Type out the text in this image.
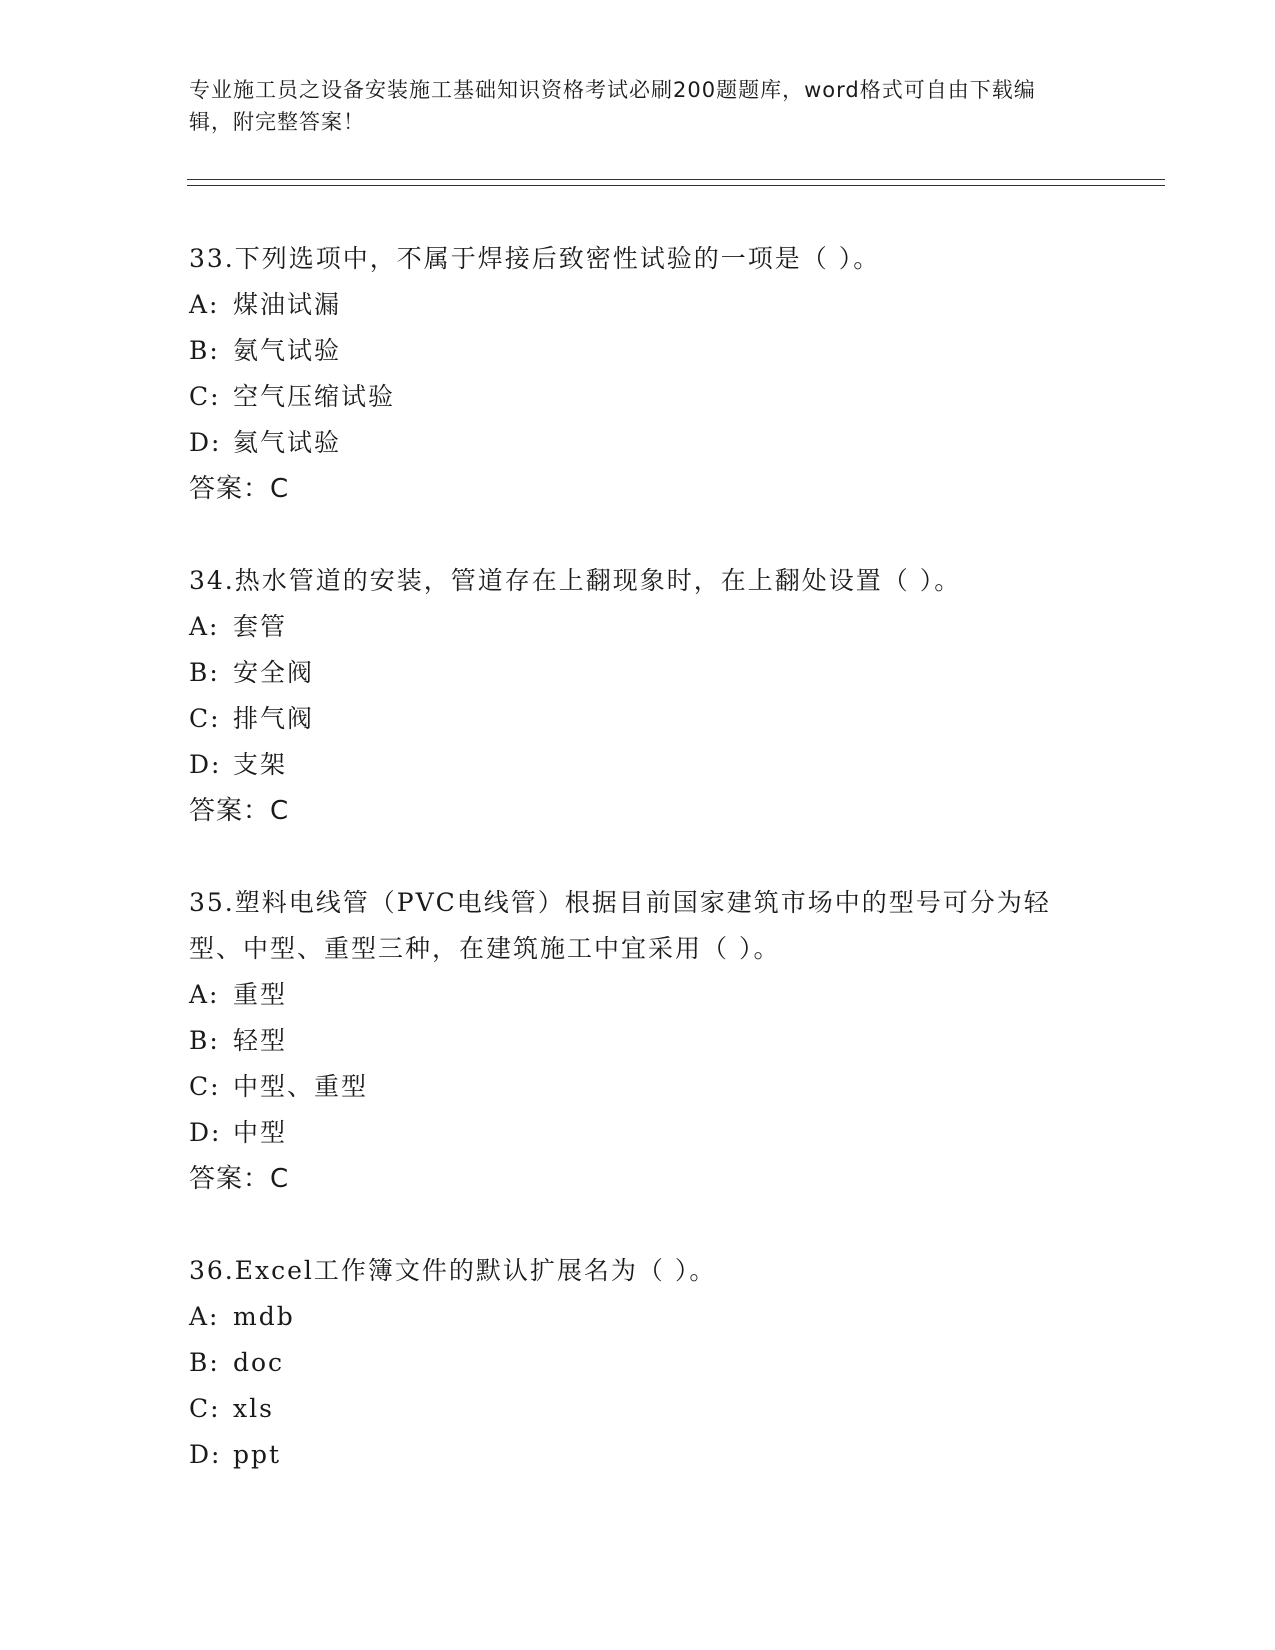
专业施工员之设备安装施工基础知识资格考试必刷200题题库，word格式可自由下载编辑，附完整答案！

33.下列选项中，不属于焊接后致密性试验的一项是（ ）。

A: 煤油试漏
B: 氨气试验
C: 空气压缩试验
D: 氦气试验
答案：C

34.热水管道的安装，管道存在上翻现象时，在上翻处设置（ ）。

A: 套管
B: 安全阀
C: 排气阀
D: 支架
答案：C

35.塑料电线管（PVC电线管）根据目前国家建筑市场中的型号可分为轻型、中型、重型三种，在建筑施工中宜采用（ ）。

A: 重型
B: 轻型
C: 中型、重型
D: 中型
答案：C

36.Excel工作簿文件的默认扩展名为（ ）。

A: mdb
B: doc
C: xls
D: ppt
